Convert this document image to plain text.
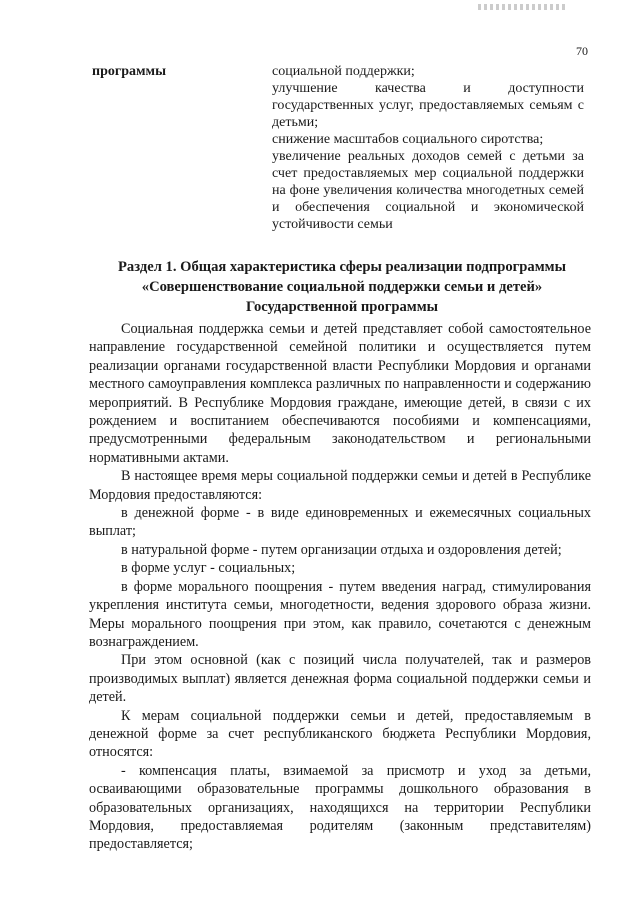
70
программы	социальной поддержки;

улучшение качества и доступности государственных услуг, предоставляемых семьям с детьми;

снижение масштабов социального сиротства;

увеличение реальных доходов семей с детьми за счет предоставляемых мер социальной поддержки на фоне увеличения количества многодетных семей и обеспечения социальной и экономической устойчивости семьи

Раздел 1. Общая характеристика сферы реализации подпрограммы
«Совершенствование социальной поддержки семьи и детей»
Государственной программы

Социальная поддержка семьи и детей представляет собой самостоятельное направление государственной семейной политики и осуществляется путем реализации органами государственной власти Республики Мордовия и органами местного самоуправления комплекса различных по направленности и содержанию мероприятий. В Республике Мордовия граждане, имеющие детей, в связи с их рождением и воспитанием обеспечиваются пособиями и компенсациями, предусмотренными федеральным законодательством и региональными нормативными актами.

В настоящее время меры социальной поддержки семьи и детей в Республике Мордовия предоставляются:

в денежной форме - в виде единовременных и ежемесячных социальных выплат;

в натуральной форме - путем организации отдыха и оздоровления детей;

в форме услуг - социальных;

в форме морального поощрения - путем введения наград, стимулирования укрепления института семьи, многодетности, ведения здорового образа жизни. Меры морального поощрения при этом, как правило, сочетаются с денежным вознаграждением.

При этом основной (как с позиций числа получателей, так и размеров производимых выплат) является денежная форма социальной поддержки семьи и детей.

К мерам социальной поддержки семьи и детей, предоставляемым в денежной форме за счет республиканского бюджета Республики Мордовия, относятся:

- компенсация платы, взимаемой за присмотр и уход за детьми, осваивающими образовательные программы дошкольного образования в образовательных организациях, находящихся на территории Республики Мордовия, предоставляемая родителям (законным представителям) предоставляется;
